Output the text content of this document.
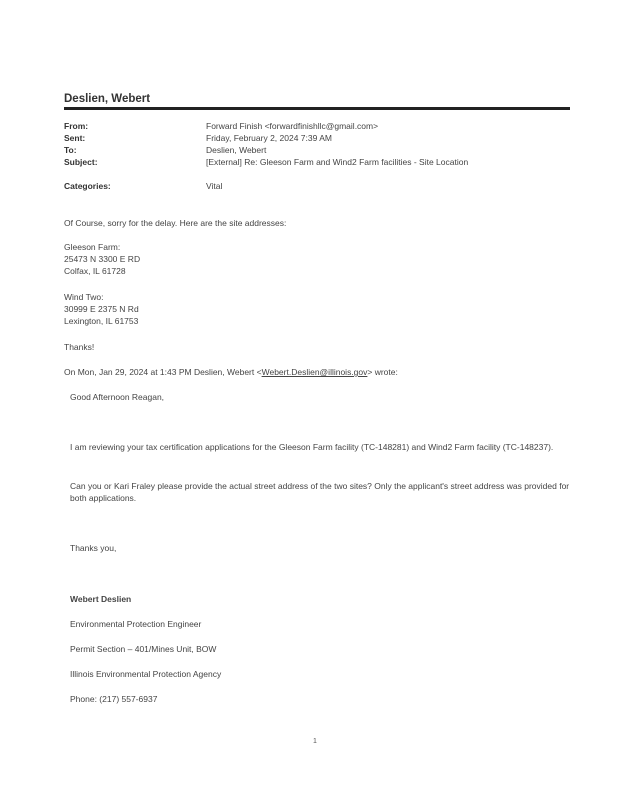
Deslien, Webert
From:	Forward Finish <forwardfinishllc@gmail.com>
Sent:	Friday, February 2, 2024 7:39 AM
To:	Deslien, Webert
Subject:	[External] Re: Gleeson Farm and Wind2 Farm facilities - Site Location
Categories:	Vital
Of Course, sorry for the delay. Here are the site addresses:
Gleeson Farm:
25473 N 3300 E RD
Colfax, IL 61728
Wind Two:
30999 E 2375 N Rd
Lexington, IL 61753
Thanks!
On Mon, Jan 29, 2024 at 1:43 PM Deslien, Webert <Webert.Deslien@illinois.gov> wrote:
Good Afternoon Reagan,
I am reviewing your tax certification applications for the Gleeson Farm facility (TC-148281) and Wind2 Farm facility (TC-148237).
Can you or Kari Fraley please provide the actual street address of the two sites? Only the applicant's street address was provided for both applications.
Thanks you,
Webert Deslien
Environmental Protection Engineer
Permit Section – 401/Mines Unit, BOW
Illinois Environmental Protection Agency
Phone: (217) 557-6937
1
